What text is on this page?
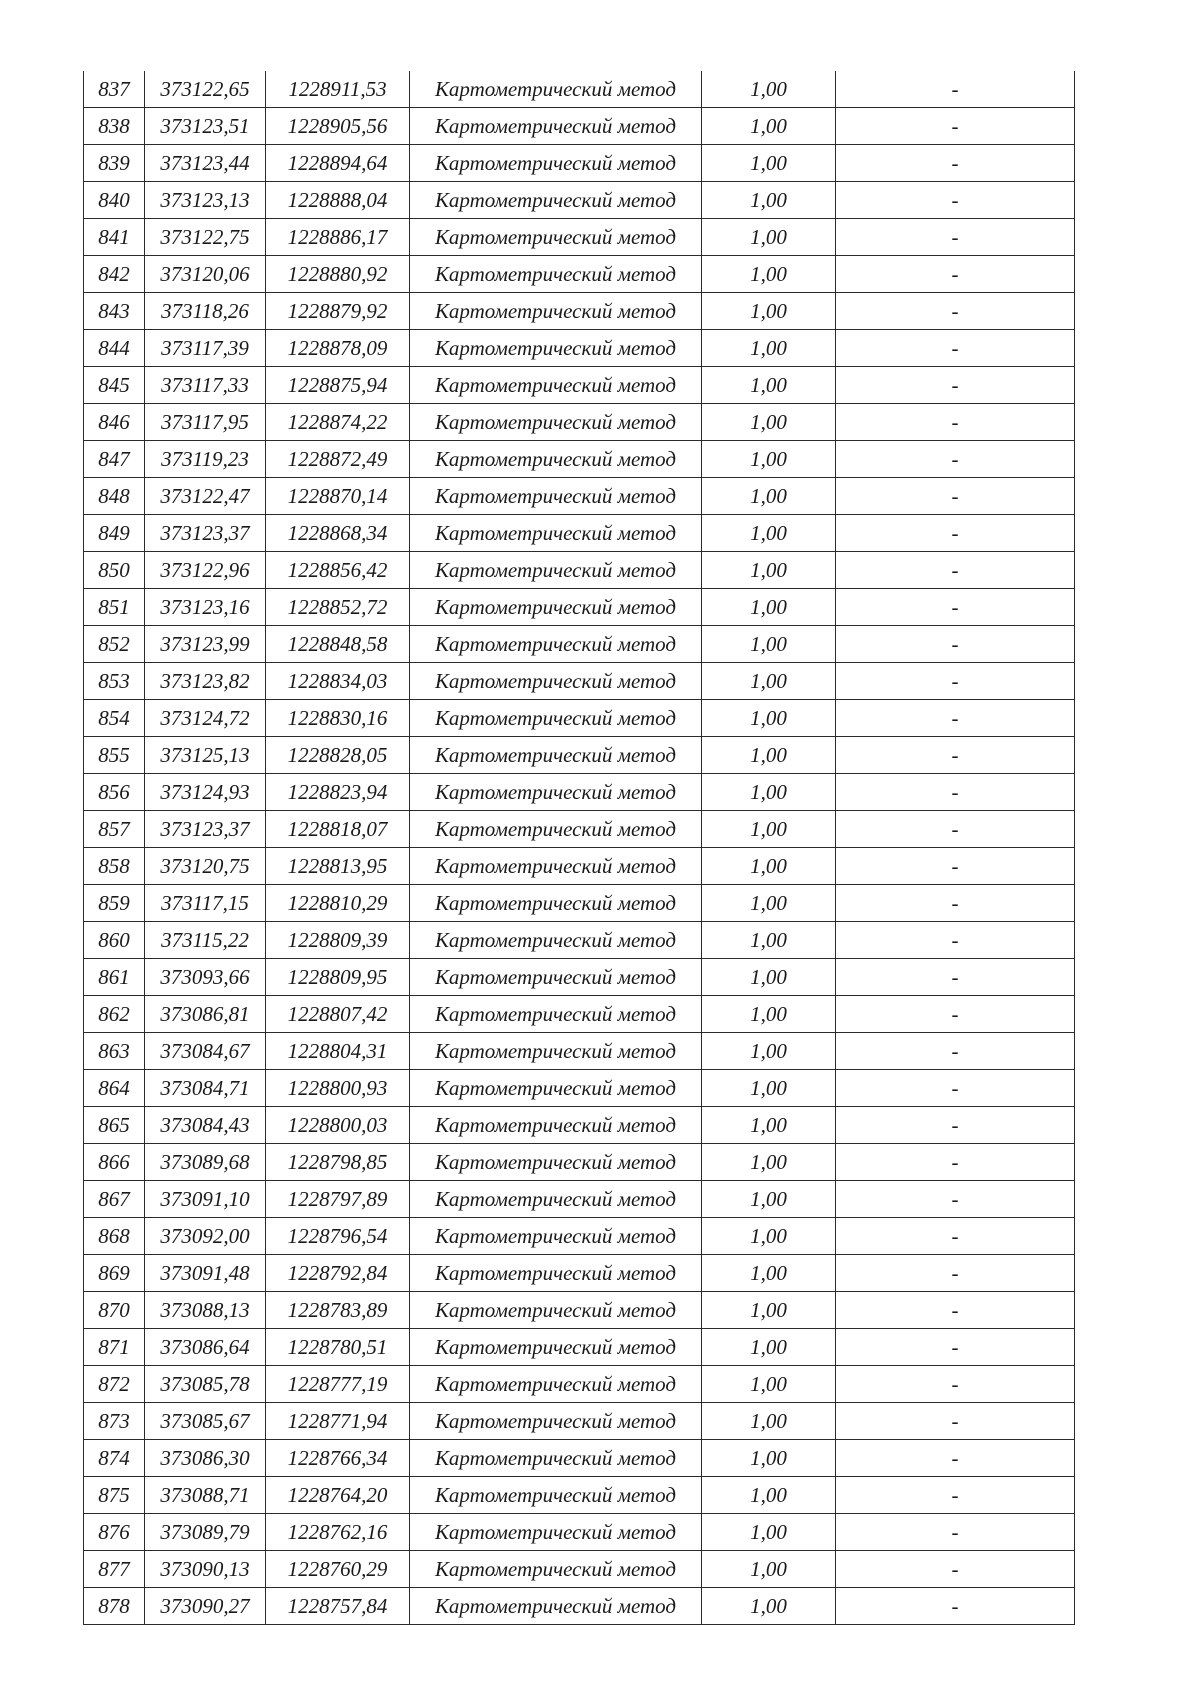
837	373122,65	1228911,53	Картометрический метод	1,00	-
838	373123,51	1228905,56	Картометрический метод	1,00	-
839	373123,44	1228894,64	Картометрический метод	1,00	-
840	373123,13	1228888,04	Картометрический метод	1,00	-
841	373122,75	1228886,17	Картометрический метод	1,00	-
842	373120,06	1228880,92	Картометрический метод	1,00	-
843	373118,26	1228879,92	Картометрический метод	1,00	-
844	373117,39	1228878,09	Картометрический метод	1,00	-
845	373117,33	1228875,94	Картометрический метод	1,00	-
846	373117,95	1228874,22	Картометрический метод	1,00	-
847	373119,23	1228872,49	Картометрический метод	1,00	-
848	373122,47	1228870,14	Картометрический метод	1,00	-
849	373123,37	1228868,34	Картометрический метод	1,00	-
850	373122,96	1228856,42	Картометрический метод	1,00	-
851	373123,16	1228852,72	Картометрический метод	1,00	-
852	373123,99	1228848,58	Картометрический метод	1,00	-
853	373123,82	1228834,03	Картометрический метод	1,00	-
854	373124,72	1228830,16	Картометрический метод	1,00	-
855	373125,13	1228828,05	Картометрический метод	1,00	-
856	373124,93	1228823,94	Картометрический метод	1,00	-
857	373123,37	1228818,07	Картометрический метод	1,00	-
858	373120,75	1228813,95	Картометрический метод	1,00	-
859	373117,15	1228810,29	Картометрический метод	1,00	-
860	373115,22	1228809,39	Картометрический метод	1,00	-
861	373093,66	1228809,95	Картометрический метод	1,00	-
862	373086,81	1228807,42	Картометрический метод	1,00	-
863	373084,67	1228804,31	Картометрический метод	1,00	-
864	373084,71	1228800,93	Картометрический метод	1,00	-
865	373084,43	1228800,03	Картометрический метод	1,00	-
866	373089,68	1228798,85	Картометрический метод	1,00	-
867	373091,10	1228797,89	Картометрический метод	1,00	-
868	373092,00	1228796,54	Картометрический метод	1,00	-
869	373091,48	1228792,84	Картометрический метод	1,00	-
870	373088,13	1228783,89	Картометрический метод	1,00	-
871	373086,64	1228780,51	Картометрический метод	1,00	-
872	373085,78	1228777,19	Картометрический метод	1,00	-
873	373085,67	1228771,94	Картометрический метод	1,00	-
874	373086,30	1228766,34	Картометрический метод	1,00	-
875	373088,71	1228764,20	Картометрический метод	1,00	-
876	373089,79	1228762,16	Картометрический метод	1,00	-
877	373090,13	1228760,29	Картометрический метод	1,00	-
878	373090,27	1228757,84	Картометрический метод	1,00	-
